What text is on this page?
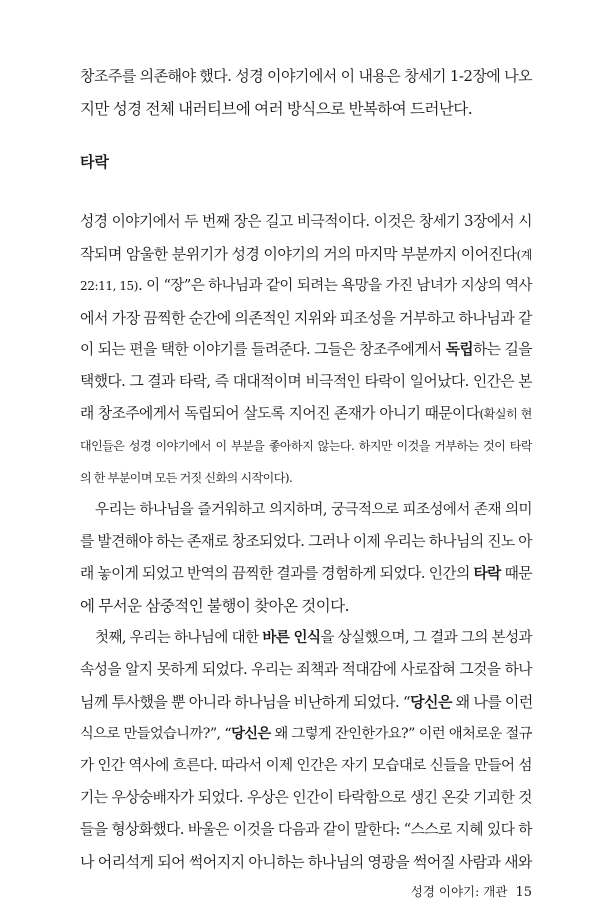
창조주를 의존해야 했다. 성경 이야기에서 이 내용은 창세기 1-2장에 나오
지만 성경 전체 내러티브에 여러 방식으로 반복하여 드러난다.
타락
성경 이야기에서 두 번째 장은 길고 비극적이다. 이것은 창세기 3장에서 시
작되며 암울한 분위기가 성경 이야기의 거의 마지막 부분까지 이어진다(계
22:11, 15). 이 “장”은 하나님과 같이 되려는 욕망을 가진 남녀가 지상의 역사
에서 가장 끔찍한 순간에 의존적인 지위와 피조성을 거부하고 하나님과 같
이 되는 편을 택한 이야기를 들려준다. 그들은 창조주에게서 독립하는 길을
택했다. 그 결과 타락, 즉 대대적이며 비극적인 타락이 일어났다. 인간은 본
래 창조주에게서 독립되어 살도록 지어진 존재가 아니기 때문이다(확실히 현
대인들은 성경 이야기에서 이 부분을 좋아하지 않는다. 하지만 이것을 거부하는 것이 타락
의 한 부분이며 모든 거짓 신화의 시작이다).
우리는 하나님을 즐거워하고 의지하며, 궁극적으로 피조성에서 존재 의미
를 발견해야 하는 존재로 창조되었다. 그러나 이제 우리는 하나님의 진노 아
래 놓이게 되었고 반역의 끔찍한 결과를 경험하게 되었다. 인간의 타락 때문
에 무서운 삼중적인 불행이 찾아온 것이다.
첫째, 우리는 하나님에 대한 바른 인식을 상실했으며, 그 결과 그의 본성과
속성을 알지 못하게 되었다. 우리는 죄책과 적대감에 사로잡혀 그것을 하나
님께 투사했을 뿐 아니라 하나님을 비난하게 되었다. “당신은 왜 나를 이런
식으로 만들었습니까?”, “당신은 왜 그렇게 잔인한가요?” 이런 애처로운 절규
가 인간 역사에 흐른다. 따라서 이제 인간은 자기 모습대로 신들을 만들어 섬
기는 우상숭배자가 되었다. 우상은 인간이 타락함으로 생긴 온갖 기괴한 것
들을 형상화했다. 바울은 이것을 다음과 같이 말한다: “스스로 지혜 있다 하
나 어리석게 되어 썩어지지 아니하는 하나님의 영광을 썩어질 사람과 새와
성경 이야기: 개관 15
